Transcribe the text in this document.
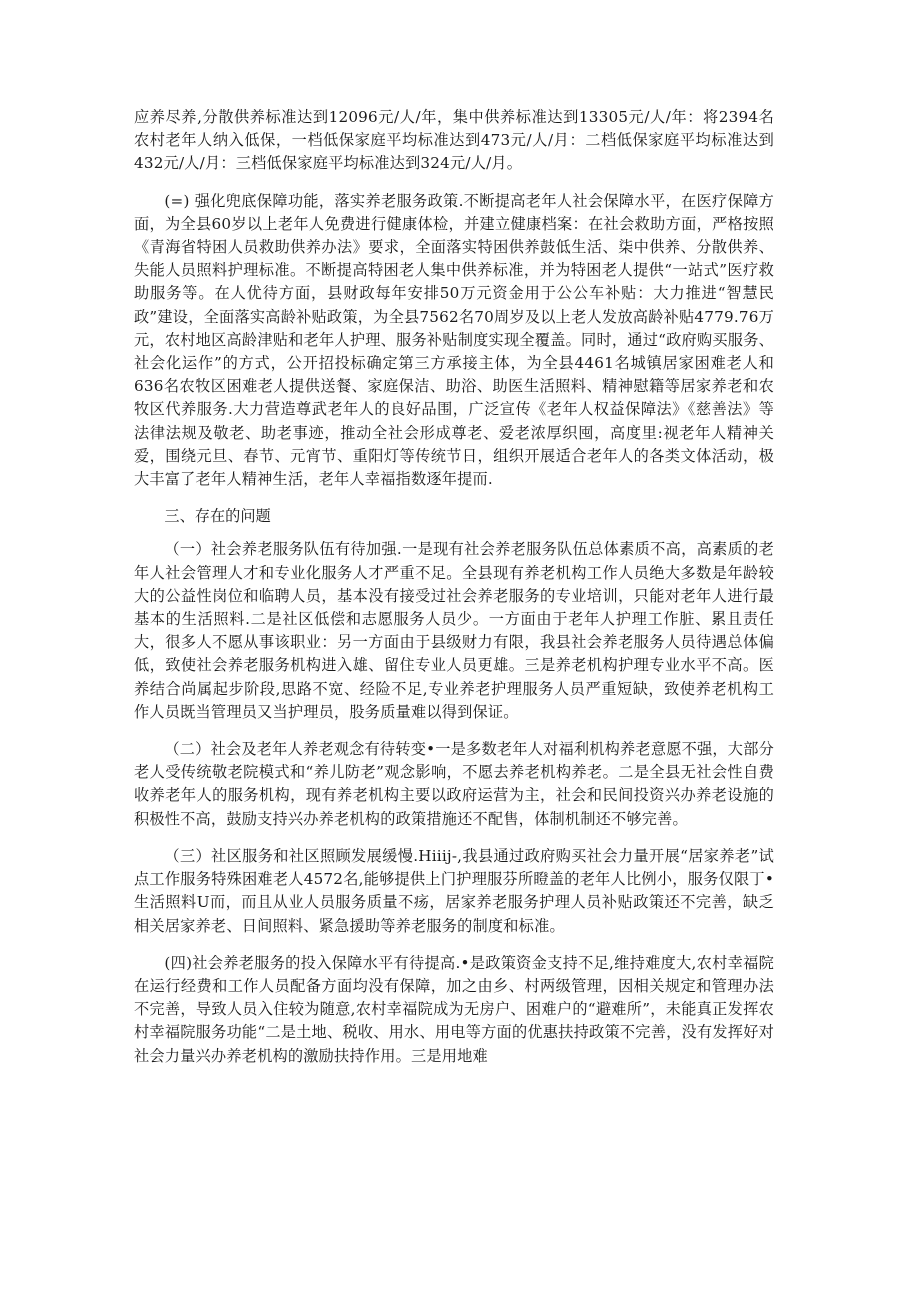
应养尽养,分散供养标准达到12096元/人/年，集中供养标准达到13305元/人/年：将2394名农村老年人纳入低保，一档低保家庭平均标准达到473元/人/月：二档低保家庭平均标准达到432元/人/月：三档低保家庭平均标准达到324元/人/月。

(=) 强化兜底保障功能，落实养老服务政策.不断提高老年人社会保障水平，在医疗保障方面，为全县60岁以上老年人免费进行健康体检，并建立健康档案：在社会救助方面，严格按照《青海省特困人员救助供养办法》要求，全面落实特困供养鼓低生活、柒中供养、分散供养、失能人员照料护理标准。不断提高特困老人集中供养标准，并为特困老人提供“一站式”医疗救助服务等。在人优待方面，县财政每年安排50万元资金用于公公车补贴：大力推进“智慧民政”建设，全面落实高龄补贴政策，为全县7562名70周岁及以上老人发放高龄补贴4779.76万元，农村地区高龄津贴和老年人护理、服务补贴制度实现全覆盖。同时，通过“政府购买服务、社会化运作”的方式，公开招投标确定第三方承接主体，为全县4461名城镇居家困难老人和636名农牧区困难老人提供送餐、家庭保洁、助浴、助医生活照料、精神慰籍等居家养老和农牧区代养服务.大力营造尊武老年人的良好品围，广泛宣传《老年人权益保障法》《慈善法》等法律法规及敬老、助老事迹，推动全社会形成尊老、爱老浓厚织囤，高度里:视老年人精神关爱，围绕元旦、春节、元宵节、重阳灯等传统节日，组织开展适合老年人的各类文体活动，极大丰富了老年人精神生活，老年人幸福指数逐年提而.

三、存在的问题

（一）社会养老服务队伍有待加强.一是现有社会养老服务队伍总体素质不高，高素质的老年人社会管理人才和专业化服务人才严重不足。全县现有养老机构工作人员绝大多数是年龄较大的公益性岗位和临聘人员，基本没有接受过社会养老服务的专业培训，只能对老年人进行最基本的生活照料.二是社区低偿和志愿服务人员少。一方面由于老年人护理工作脏、累且责任大，很多人不愿从事该职业：另一方面由于县级财力有限，我县社会养老服务人员待遇总体偏低，致使社会养老服务机构进入雄、留住专业人员更雄。三是养老机构护理专业水平不高。医养结合尚属起步阶段,思路不宽、经险不足,专业养老护理服务人员严重短缺，致使养老机构工作人员既当管理员又当护理员，股务质量难以得到保证。

（二）社会及老年人养老观念有待转变•一是多数老年人对福利机构养老意愿不强，大部分老人受传统敬老院模式和“养儿防老”观念影响，不愿去养老机构养老。二是全县无社会性自费收养老年人的服务机构，现有养老机构主要以政府运营为主，社会和民间投资兴办养老设施的积极性不高，鼓励支持兴办养老机构的政策措施还不配售，体制机制还不够完善。

（三）社区服务和社区照顾发展缓慢.Hiiij-,我县通过政府购买社会力量开展“居家养老”试点工作服务特殊困难老人4572名,能够提供上门护理服芬所瞪盖的老年人比例小，服务仅限丁•生活照料U而，而且从业人员服务质量不疡，居家养老服务护理人员补贴政策还不完善，缺乏相关居家养老、日间照料、紧急援助等养老服务的制度和标准。

(四)社会养老服务的投入保障水平有待提高.•是政策资金支持不足,维持难度大,农村幸福院在运行经费和工作人员配备方面均没有保障，加之由乡、村两级管理，因相关规定和管理办法不完善，导致人员入住较为随意,农村幸福院成为无房户、困难户的“避难所”，未能真正发挥农村幸福院服务功能“二是土地、税收、用水、用电等方面的优惠扶持政策不完善，没有发挥好对社会力量兴办养老机构的激励扶持作用。三是用地难
